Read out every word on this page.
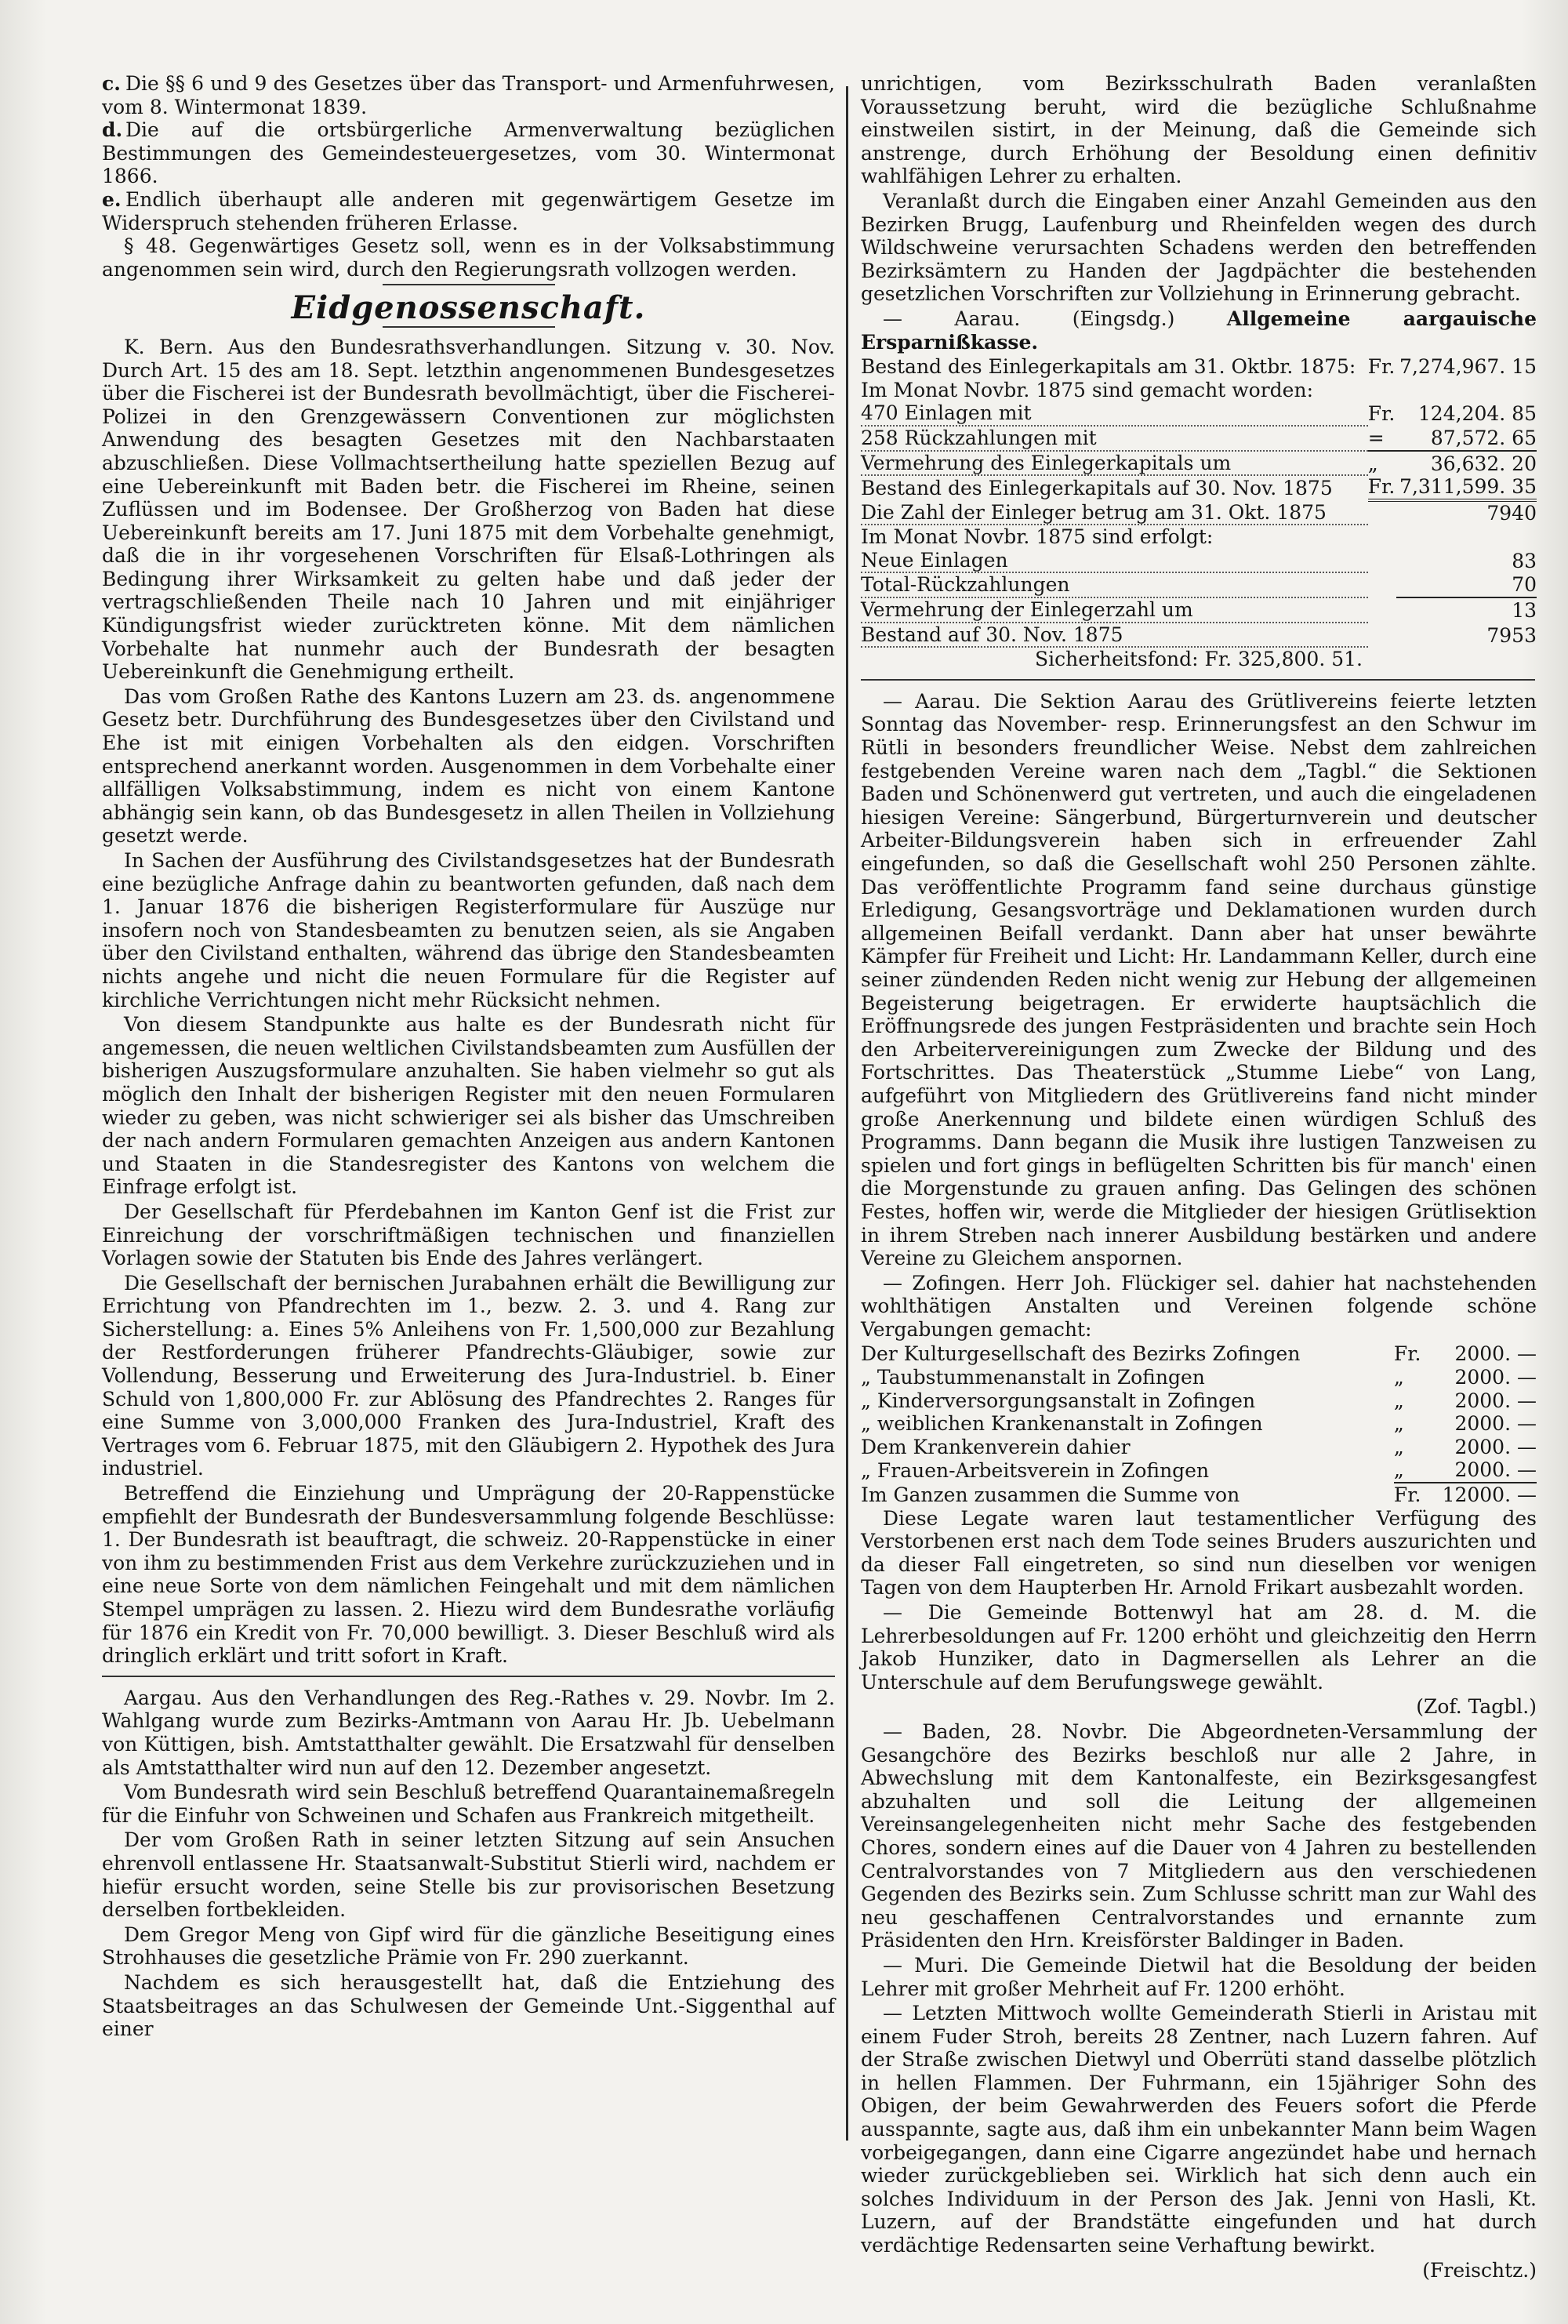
c. Die §§ 6 und 9 des Gesetzes über das Transport- und Armenfuhrwesen, vom 8. Wintermonat 1839.
d. Die auf die ortsbürgerliche Armenverwaltung bezüglichen Bestimmungen des Gemeindesteuergesetzes, vom 30. Wintermonat 1866.
e. Endlich überhaupt alle anderen mit gegenwärtigem Gesetze im Widerspruch stehenden früheren Erlasse.

§ 48. Gegenwärtiges Gesetz soll, wenn es in der Volksabstimmung angenommen sein wird, durch den Regierungsrath vollzogen werden.

Eidgenossenschaft.

K. Bern. Aus den Bundesrathsverhandlungen. Sitzung v. 30. Nov. Durch Art. 15 des am 18. Sept. letzthin angenommenen Bundesgesetzes über die Fischerei ist der Bundesrath bevollmächtigt, über die Fischerei-Polizei in den Grenzgewässern Conventionen zur möglichsten Anwendung des besagten Gesetzes mit den Nachbarstaaten abzuschließen. Diese Vollmachtsertheilung hatte speziellen Bezug auf eine Uebereinkunft mit Baden betr. die Fischerei im Rheine, seinen Zuflüssen und im Bodensee. Der Großherzog von Baden hat diese Uebereinkunft bereits am 17. Juni 1875 mit dem Vorbehalte genehmigt, daß die in ihr vorgesehenen Vorschriften für Elsaß-Lothringen als Bedingung ihrer Wirksamkeit zu gelten habe und daß jeder der vertragschließenden Theile nach 10 Jahren und mit einjähriger Kündigungsfrist wieder zurücktreten könne. Mit dem nämlichen Vorbehalte hat nunmehr auch der Bundesrath der besagten Uebereinkunft die Genehmigung ertheilt.

Das vom Großen Rathe des Kantons Luzern am 23. ds. angenommene Gesetz betr. Durchführung des Bundesgesetzes über den Civilstand und Ehe ist mit einigen Vorbehalten als den eidgen. Vorschriften entsprechend anerkannt worden. Ausgenommen in dem Vorbehalte einer allfälligen Volksabstimmung, indem es nicht von einem Kantone abhängig sein kann, ob das Bundesgesetz in allen Theilen in Vollziehung gesetzt werde.

In Sachen der Ausführung des Civilstandsgesetzes hat der Bundesrath eine bezügliche Anfrage dahin zu beantworten gefunden, daß nach dem 1. Januar 1876 die bisherigen Registerformulare für Auszüge nur insofern noch von Standesbeamten zu benutzen seien, als sie Angaben über den Civilstand enthalten, während das übrige den Standesbeamten nichts angehe und nicht die neuen Formulare für die Register auf kirchliche Verrichtungen nicht mehr Rücksicht nehmen.

Von diesem Standpunkte aus halte es der Bundesrath nicht für angemessen, die neuen weltlichen Civilstandsbeamten zum Ausfüllen der bisherigen Auszugsformulare anzuhalten. Sie haben vielmehr so gut als möglich den Inhalt der bisherigen Register mit den neuen Formularen wieder zu geben, was nicht schwieriger sei als bisher das Umschreiben der nach andern Formularen gemachten Anzeigen aus andern Kantonen und Staaten in die Standesregister des Kantons von welchem die Einfrage erfolgt ist.

Der Gesellschaft für Pferdebahnen im Kanton Genf ist die Frist zur Einreichung der vorschriftmäßigen technischen und finanziellen Vorlagen sowie der Statuten bis Ende des Jahres verlängert.

Die Gesellschaft der bernischen Jurabahnen erhält die Bewilligung zur Errichtung von Pfandrechten im 1., bezw. 2. 3. und 4. Rang zur Sicherstellung: a. Eines 5% Anleihens von Fr. 1,500,000 zur Bezahlung der Restforderungen früherer Pfandrechts-Gläubiger, sowie zur Vollendung, Besserung und Erweiterung des Jura-Industriel. b. Einer Schuld von 1,800,000 Fr. zur Ablösung des Pfandrechtes 2. Ranges für eine Summe von 3,000,000 Franken des Jura-Industriel, Kraft des Vertrages vom 6. Februar 1875, mit den Gläubigern 2. Hypothek des Jura industriel.

Betreffend die Einziehung und Umprägung der 20-Rappenstücke empfiehlt der Bundesrath der Bundesversammlung folgende Beschlüsse: 1. Der Bundesrath ist beauftragt, die schweiz. 20-Rappenstücke in einer von ihm zu bestimmenden Frist aus dem Verkehre zurückzuziehen und in eine neue Sorte von dem nämlichen Feingehalt und mit dem nämlichen Stempel umprägen zu lassen. 2. Hiezu wird dem Bundesrathe vorläufig für 1876 ein Kredit von Fr. 70,000 bewilligt. 3. Dieser Beschluß wird als dringlich erklärt und tritt sofort in Kraft.

Aargau. Aus den Verhandlungen des Reg.-Rathes v. 29. Novbr. Im 2. Wahlgang wurde zum Bezirks-Amtmann von Aarau Hr. Jb. Uebelmann von Küttigen, bish. Amtstatthalter gewählt. Die Ersatzwahl für denselben als Amtstatthalter wird nun auf den 12. Dezember angesetzt.

Vom Bundesrath wird sein Beschluß betreffend Quarantainemaßregeln für die Einfuhr von Schweinen und Schafen aus Frankreich mitgetheilt.

Der vom Großen Rath in seiner letzten Sitzung auf sein Ansuchen ehrenvoll entlassene Hr. Staatsanwalt-Substitut Stierli wird, nachdem er hiefür ersucht worden, seine Stelle bis zur provisorischen Besetzung derselben fortbekleiden.

Dem Gregor Meng von Gipf wird für die gänzliche Beseitigung eines Strohhauses die gesetzliche Prämie von Fr. 290 zuerkannt.

Nachdem es sich herausgestellt hat, daß die Entziehung des Staatsbeitrages an das Schulwesen der Gemeinde Unt.-Siggenthal auf einer

unrichtigen, vom Bezirksschulrath Baden veranlaßten Voraussetzung beruht, wird die bezügliche Schlußnahme einstweilen sistirt, in der Meinung, daß die Gemeinde sich anstrenge, durch Erhöhung der Besoldung einen definitiv wahlfähigen Lehrer zu erhalten.

Veranlaßt durch die Eingaben einer Anzahl Gemeinden aus den Bezirken Brugg, Laufenburg und Rheinfelden wegen des durch Wildschweine verursachten Schadens werden den betreffenden Bezirksämtern zu Handen der Jagdpächter die bestehenden gesetzlichen Vorschriften zur Vollziehung in Erinnerung gebracht.

— Aarau. (Eingsdg.)	Allgemeine aargauische Ersparnißkasse.

Bestand des Einlegerkapitals am 31. Oktbr. 1875:	Fr.	7,274,967. 15
Im Monat Novbr. 1875 sind gemacht worden:		
470 Einlagen mit	Fr.	124,204. 85
258 Rückzahlungen mit	=	87,572. 65
Vermehrung des Einlegerkapitals um	„	36,632. 20
Bestand des Einlegerkapitals auf 30. Nov. 1875	Fr.	7,311,599. 35
Die Zahl der Einleger betrug am 31. Okt. 1875		7940
Im Monat Novbr. 1875 sind erfolgt:		
Neue Einlagen		83
Total-Rückzahlungen		70
Vermehrung der Einlegerzahl um		13
Bestand auf 30. Nov. 1875		7953

Sicherheitsfond: Fr. 325,800. 51.

— Aarau. Die Sektion Aarau des Grütlivereins feierte letzten Sonntag das November- resp. Erinnerungsfest an den Schwur im Rütli in besonders freundlicher Weise. Nebst dem zahlreichen festgebenden Vereine waren nach dem „Tagbl.“ die Sektionen Baden und Schönenwerd gut vertreten, und auch die eingeladenen hiesigen Vereine: Sängerbund, Bürgerturnverein und deutscher Arbeiter-Bildungsverein haben sich in erfreuender Zahl eingefunden, so daß die Gesellschaft wohl 250 Personen zählte. Das veröffentlichte Programm fand seine durchaus günstige Erledigung, Gesangsvorträge und Deklamationen wurden durch allgemeinen Beifall verdankt. Dann aber hat unser bewährte Kämpfer für Freiheit und Licht: Hr. Landammann Keller, durch eine seiner zündenden Reden nicht wenig zur Hebung der allgemeinen Begeisterung beigetragen. Er erwiderte hauptsächlich die Eröffnungsrede des jungen Festpräsidenten und brachte sein Hoch den Arbeitervereinigungen zum Zwecke der Bildung und des Fortschrittes. Das Theaterstück „Stumme Liebe“ von Lang, aufgeführt von Mitgliedern des Grütlivereins fand nicht minder große Anerkennung und bildete einen würdigen Schluß des Programms. Dann begann die Musik ihre lustigen Tanzweisen zu spielen und fort gings in beflügelten Schritten bis für manch' einen die Morgenstunde zu grauen anfing. Das Gelingen des schönen Festes, hoffen wir, werde die Mitglieder der hiesigen Grütlisektion in ihrem Streben nach innerer Ausbildung bestärken und andere Vereine zu Gleichem anspornen.

— Zofingen. Herr Joh. Flückiger sel. dahier hat nachstehenden wohlthätigen Anstalten und Vereinen folgende schöne Vergabungen gemacht:

Der Kulturgesellschaft des Bezirks Zofingen	Fr.	2000. —
„ Taubstummenanstalt in Zofingen	„	2000. —
„ Kinderversorgungsanstalt in Zofingen	„	2000. —
„ weiblichen Krankenanstalt in Zofingen	„	2000. —
Dem Krankenverein dahier	„	2000. —
„ Frauen-Arbeitsverein in Zofingen	„	2000. —
Im Ganzen zusammen die Summe von	Fr.	12000. —

Diese Legate waren laut testamentlicher Verfügung des Verstorbenen erst nach dem Tode seines Bruders auszurichten und da dieser Fall eingetreten, so sind nun dieselben vor wenigen Tagen von dem Haupterben Hr. Arnold Frikart ausbezahlt worden.

— Die Gemeinde Bottenwyl hat am 28. d. M. die Lehrerbesoldungen auf Fr. 1200 erhöht und gleichzeitig den Herrn Jakob Hunziker, dato in Dagmersellen als Lehrer an die Unterschule auf dem Berufungswege gewählt.

(Zof. Tagbl.)

— Baden, 28. Novbr. Die Abgeordneten-Versammlung der Gesangchöre des Bezirks beschloß nur alle 2 Jahre, in Abwechslung mit dem Kantonalfeste, ein Bezirksgesangfest abzuhalten und soll die Leitung der allgemeinen Vereinsangelegenheiten nicht mehr Sache des festgebenden Chores, sondern eines auf die Dauer von 4 Jahren zu bestellenden Centralvorstandes von 7 Mitgliedern aus den verschiedenen Gegenden des Bezirks sein. Zum Schlusse schritt man zur Wahl des neu geschaffenen Centralvorstandes und ernannte zum Präsidenten den Hrn. Kreisförster Baldinger in Baden.

— Muri. Die Gemeinde Dietwil hat die Besoldung der beiden Lehrer mit großer Mehrheit auf Fr. 1200 erhöht.

— Letzten Mittwoch wollte Gemeinderath Stierli in Aristau mit einem Fuder Stroh, bereits 28 Zentner, nach Luzern fahren. Auf der Straße zwischen Dietwyl und Oberrüti stand dasselbe plötzlich in hellen Flammen. Der Fuhrmann, ein 15jähriger Sohn des Obigen, der beim Gewahrwerden des Feuers sofort die Pferde ausspannte, sagte aus, daß ihm ein unbekannter Mann beim Wagen vorbeigegangen, dann eine Cigarre angezündet habe und hernach wieder zurückgeblieben sei. Wirklich hat sich denn auch ein solches Individuum in der Person des Jak. Jenni von Hasli, Kt. Luzern, auf der Brandstätte eingefunden und hat durch verdächtige Redensarten seine Verhaftung bewirkt.

(Freischtz.)
